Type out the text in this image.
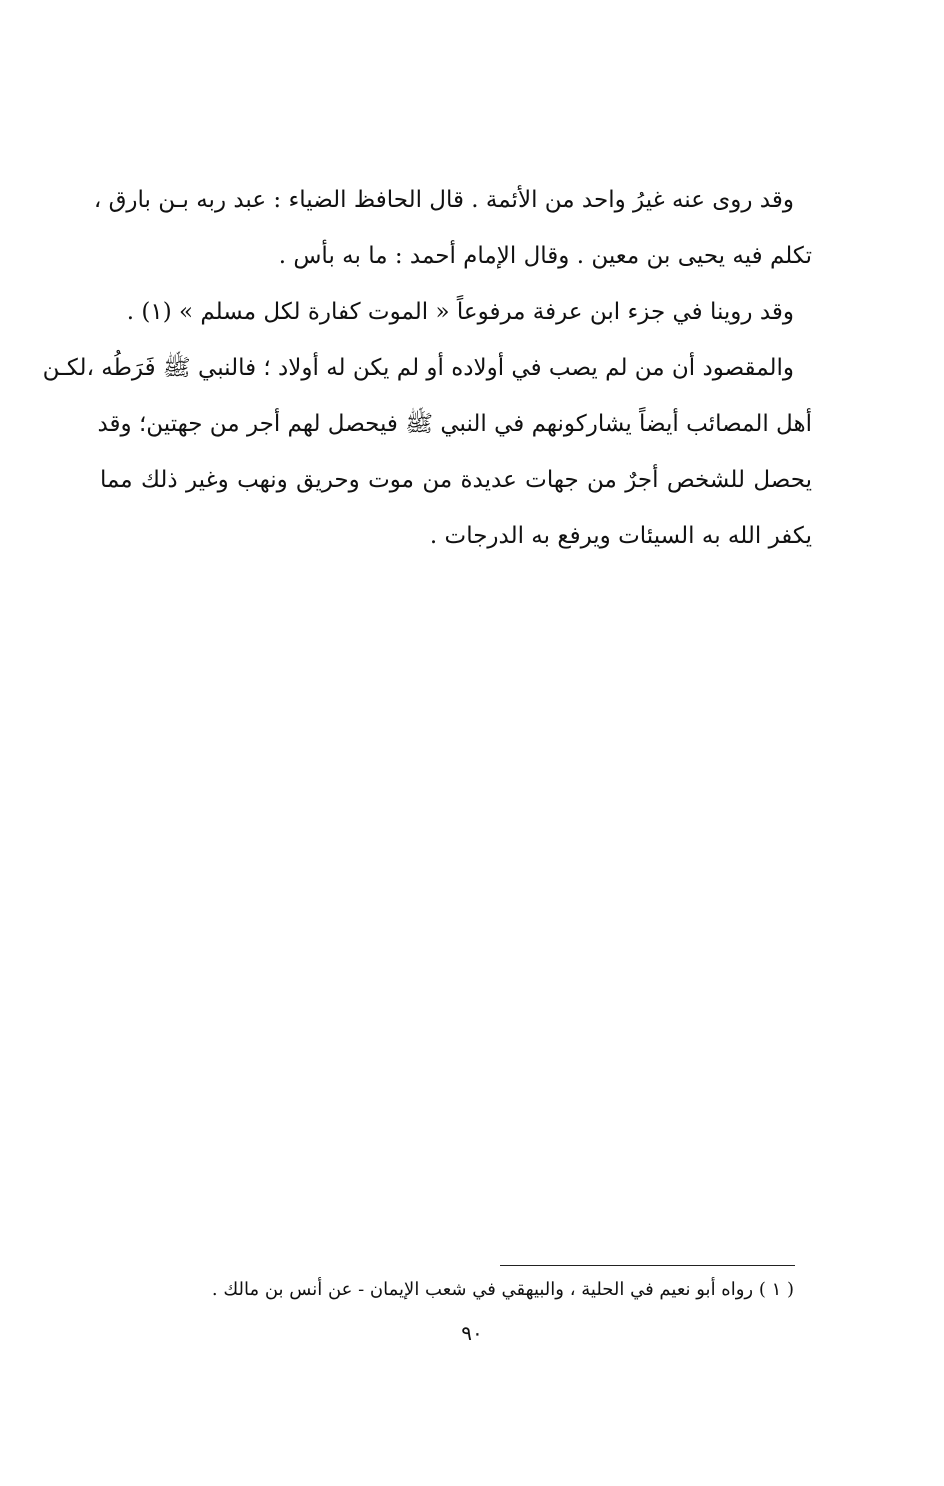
وقد روى عنه غيرُ واحد من الأئمة . قال الحافظ الضياء : عبد ربه بـن بارق ،
تكلم فيه يحيى بن معين . وقال الإمام أحمد : ما به بأس .
وقد روينا في جزء ابن عرفة مرفوعاً « الموت كفارة لكل مسلم » (١) .
والمقصود أن من لم يصب في أولاده أو لم يكن له أولاد ؛ فالنبي ﷺ فَرَطُه ،لكـن
أهل المصائب أيضاً يشاركونهم في النبي ﷺ فيحصل لهم أجر من جهتين؛ وقد
يحصل للشخص أجرٌ من جهات عديدة من موت وحريق ونهب وغير ذلك مما
يكفر الله به السيئات ويرفع به الدرجات .
( ١ ) رواه أبو نعيم في الحلية ، والبيهقي في شعب الإيمان - عن أنس بن مالك .
٩٠
